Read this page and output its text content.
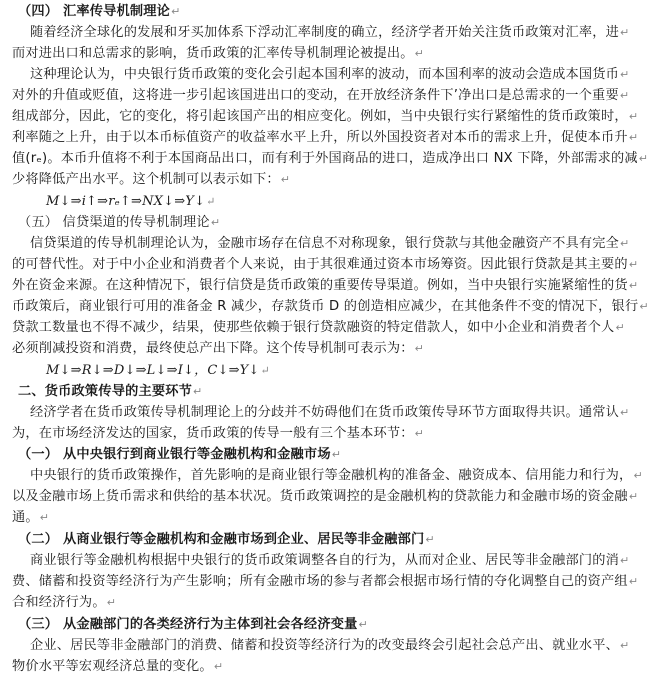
（四） 汇率传导机制理论↵
随着经济全球化的发展和牙买加体系下浮动汇率制度的确立，经济学者开始关注货币政策对汇率，进↵
而对进出口和总需求的影响，货币政策的汇率传导机制理论被提出。↵
这种理论认为，中央银行货币政策的变化会引起本国利率的波动，而本国利率的波动会造成本国货币↵
对外的升值或贬值，这将进一步引起该国进出口的变动，在开放经济条件下’净出口是总需求的一个重要↵
组成部分，因此，它的变化，将引起该国产出的相应变化。例如，当中央银行实行紧缩性的货币政策时，↵
利率随之上升，由于以本币标值资产的收益率水平上升，所以外国投资者对本币的需求上升，促使本币升↵
值(rₑ)。本币升值将不利于本国商品出口，而有利于外国商品的进口，造成净出口 NX 下降，外部需求的减↵
少将降低产出水平。这个机制可以表示如下：↵
M↓⇒i↑⇒rₑ↑⇒NX↓⇒Y↓↵
（五） 信贷渠道的传导机制理论↵
信贷渠道的传导机制理论认为，金融市场存在信息不对称现象，银行贷款与其他金融资产不具有完全↵
的可替代性。对于中小企业和消费者个人来说，由于其很难通过资本市场筹资。因此银行贷款是其主要的↵
外在资金来源。在这种情况下，银行信贷是货币政策的重要传导渠道。例如，当中央银行实施紧缩性的货↵
币政策后，商业银行可用的准备金 R 减少，存款货币 D 的创造相应减少，在其他条件不变的情况下，银行↵
贷款工数量也不得不减少，结果，使那些依赖于银行贷款融资的特定借款人，如中小企业和消费者个人↵
必须削减投资和消费，最终使总产出下降。这个传导机制可表示为：↵
M↓⇒R↓⇒D↓⇒L↓⇒I↓，C↓⇒Y↓↵
二、货币政策传导的主要环节↵
经济学者在货币政策传导机制理论上的分歧并不妨碍他们在货币政策传导环节方面取得共识。通常认↵
为，在市场经济发达的国家，货币政策的传导一般有三个基本环节：↵
（一） 从中央银行到商业银行等金融机构和金融市场↵
中央银行的货币政策操作，首先影响的是商业银行等金融机构的准备金、融资成本、信用能力和行为，↵
以及金融市场上货币需求和供给的基本状况。货币政策调控的是金融机构的贷款能力和金融市场的资金融↵
通。↵
（二） 从商业银行等金融机构和金融市场到企业、居民等非金融部门↵
商业银行等金融机构根据中央银行的货币政策调整各自的行为，从而对企业、居民等非金融部门的消↵
费、储蓄和投资等经济行为产生影响；所有金融市场的参与者都会根据市场行情的夺化调整自己的资产组↵
合和经济行为。↵
（三） 从金融部门的各类经济行为主体到社会各经济变量↵
企业、居民等非金融部门的消费、储蓄和投资等经济行为的改变最终会引起社会总产出、就业水平、↵
物价水平等宏观经济总量的变化。↵
